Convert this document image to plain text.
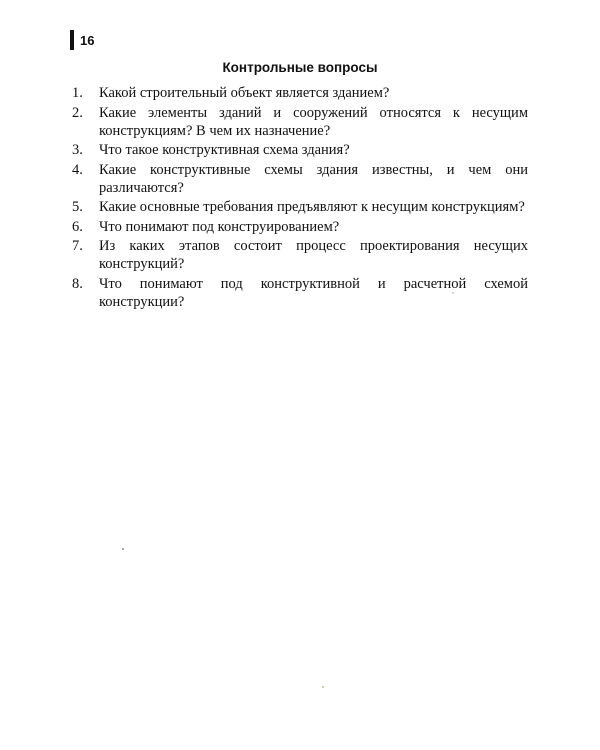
16
Контрольные вопросы
1.	Какой строительный объект является зданием?
2.	Какие элементы зданий и сооружений относятся к несущим конструкциям? В чем их назначение?
3.	Что такое конструктивная схема здания?
4.	Какие конструктивные схемы здания известны, и чем они различаются?
5.	Какие основные требования предъявляют к несущим конструкциям?
6.	Что понимают под конструированием?
7.	Из каких этапов состоит процесс проектирования несущих конструкций?
8.	Что понимают под конструктивной и расчетной схемой конструкции?
